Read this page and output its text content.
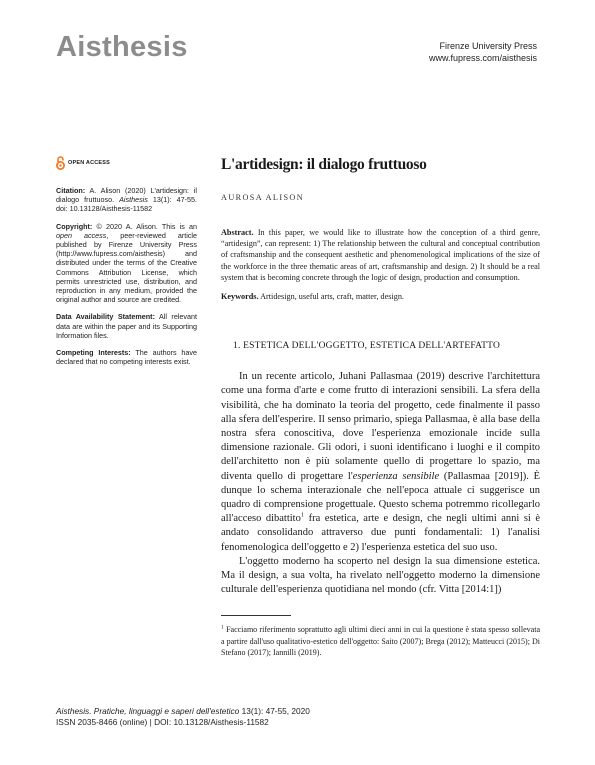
Aisthesis	Firenze University Press
www.fupress.com/aisthesis
OPEN ACCESS

Citation: A. Alison (2020) L'artidesign: il dialogo fruttuoso. Aisthesis 13(1): 47-55. doi: 10.13128/Aisthesis-11582

Copyright: © 2020 A. Alison. This is an open access, peer-reviewed article published by Firenze University Press (http://www.fupress.com/aisthesis) and distributed under the terms of the Creative Commons Attribution License, which permits unrestricted use, distribution, and reproduction in any medium, provided the original author and source are credited.

Data Availability Statement: All relevant data are within the paper and its Supporting Information files.

Competing Interests: The authors have declared that no competing interests exist.

L'artidesign: il dialogo fruttuoso
AUROSA ALISON
Abstract. In this paper, we would like to illustrate how the conception of a third genre, “artidesign”, can represent: 1) The relationship between the cultural and conceptual contribution of craftsmanship and the consequent aesthetic and phenomenological implications of the size of the workforce in the three thematic areas of art, craftsmanship and design. 2) It should be a real system that is becoming concrete through the logic of design, production and consumption.
Keywords. Artidesign, useful arts, craft, matter, design.
1. ESTETICA DELL'OGGETTO, ESTETICA DELL'ARTEFATTO

In un recente articolo, Juhani Pallasmaa (2019) descrive l'architettura come una forma d'arte e come frutto di interazioni sensibili. La sfera della visibilità, che ha dominato la teoria del progetto, cede finalmente il passo alla sfera dell'esperire. Il senso primario, spiega Pallasmaa, è alla base della nostra sfera conoscitiva, dove l'esperienza emozionale incide sulla dimensione razionale. Gli odori, i suoni identificano i luoghi e il compito dell'architetto non è più solamente quello di progettare lo spazio, ma diventa quello di progettare l'esperienza sensibile (Pallasmaa [2019]). È dunque lo schema interazionale che nell'epoca attuale ci suggerisce un quadro di comprensione progettuale. Questo schema potremmo ricollegarlo all'acceso dibattito$^1$ fra estetica, arte e design, che negli ultimi anni si è andato consolidando attraverso due punti fondamentali: 1) l'analisi fenomenologica dell'oggetto e 2) l'esperienza estetica del suo uso.

L'oggetto moderno ha scoperto nel design la sua dimensione estetica. Ma il design, a sua volta, ha rivelato nell'oggetto moderno la dimensione culturale dell'esperienza quotidiana nel mondo (cfr. Vitta [2014:1])

$^1$ Facciamo riferimento soprattutto agli ultimi dieci anni in cui la questione è stata spesso sollevata a partire dall'uso qualitativo-estetico dell'oggetto: Saito (2007); Brega (2012); Matteucci (2015); Di Stefano (2017); Iannilli (2019).
Aisthesis. Pratiche, linguaggi e saperi dell'estetico 13(1): 47-55, 2020
ISSN 2035-8466 (online) | DOI: 10.13128/Aisthesis-11582
